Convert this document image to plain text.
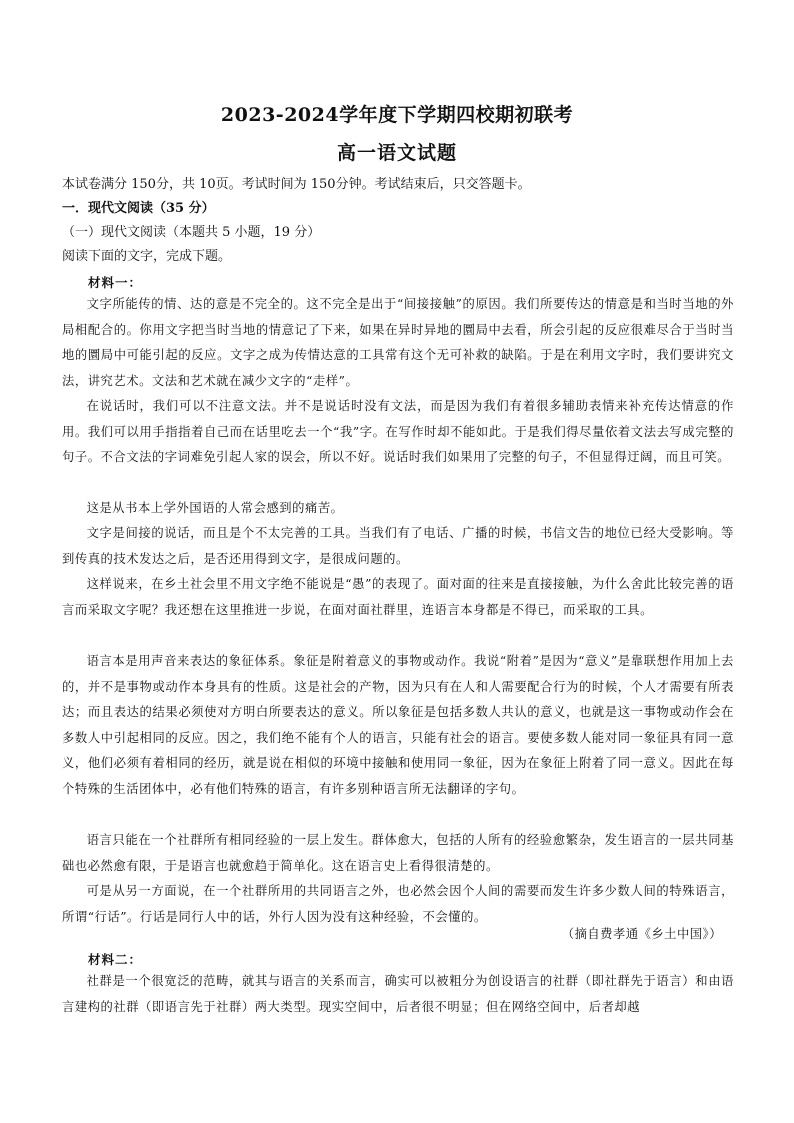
2023-2024学年度下学期四校期初联考
高一语文试题
本试卷满分 150分，共 10页。考试时间为 150分钟。考试结束后，只交答题卡。
一．现代文阅读（35 分）
（一）现代文阅读（本题共 5 小题，19 分）
阅读下面的文字，完成下题。
材料一：

文字所能传的情、达的意是不完全的。这不完全是出于“间接接触”的原因。我们所要传达的情意是和当时当地的外局相配合的。你用文字把当时当地的情意记了下来，如果在异时异地的圜局中去看，所会引起的反应很难尽合于当时当地的圜局中可能引起的反应。文字之成为传情达意的工具常有这个无可补救的缺陷。于是在利用文字时，我们要讲究文法，讲究艺术。文法和艺术就在减少文字的“走样”。

在说话时，我们可以不注意文法。并不是说话时没有文法，而是因为我们有着很多辅助表情来补充传达情意的作用。我们可以用手指指着自己而在话里吃去一个“我”字。在写作时却不能如此。于是我们得尽量依着文法去写成完整的句子。不合文法的字词难免引起人家的误会，所以不好。说话时我们如果用了完整的句子，不但显得迂阔，而且可笑。

这是从书本上学外国语的人常会感到的痛苦。

文字是间接的说话，而且是个不太完善的工具。当我们有了电话、广播的时候，书信文告的地位已经大受影响。等到传真的技术发达之后，是否还用得到文字，是很成问题的。

这样说来，在乡土社会里不用文字绝不能说是“愚”的表现了。面对面的往来是直接接触，为什么舍此比较完善的语言而采取文字呢？我还想在这里推进一步说，在面对面社群里，连语言本身都是不得已，而采取的工具。

语言本是用声音来表达的象征体系。象征是附着意义的事物或动作。我说“附着”是因为“意义”是靠联想作用加上去的，并不是事物或动作本身具有的性质。这是社会的产物，因为只有在人和人需要配合行为的时候，个人才需要有所表达；而且表达的结果必须使对方明白所要表达的意义。所以象征是包括多数人共认的意义，也就是这一事物或动作会在多数人中引起相同的反应。因之，我们绝不能有个人的语言，只能有社会的语言。要使多数人能对同一象征具有同一意义，他们必须有着相同的经历，就是说在相似的环境中接触和使用同一象征，因为在象征上附着了同一意义。因此在每个特殊的生活团体中，必有他们特殊的语言，有许多别种语言所无法翻译的字句。

语言只能在一个社群所有相同经验的一层上发生。群体愈大，包括的人所有的经验愈繁杂，发生语言的一层共同基础也必然愈有限，于是语言也就愈趋于简单化。这在语言史上看得很清楚的。

可是从另一方面说，在一个社群所用的共同语言之外，也必然会因个人间的需要而发生许多少数人间的特殊语言，所谓“行话”。行话是同行人中的话，外行人因为没有这种经验，不会懂的。

（摘自费孝通《乡土中国》）
材料二：

社群是一个很宽泛的范畴，就其与语言的关系而言，确实可以被粗分为创设语言的社群（即社群先于语言）和由语言建构的社群（即语言先于社群）两大类型。现实空间中，后者很不明显；但在网络空间中，后者却越
